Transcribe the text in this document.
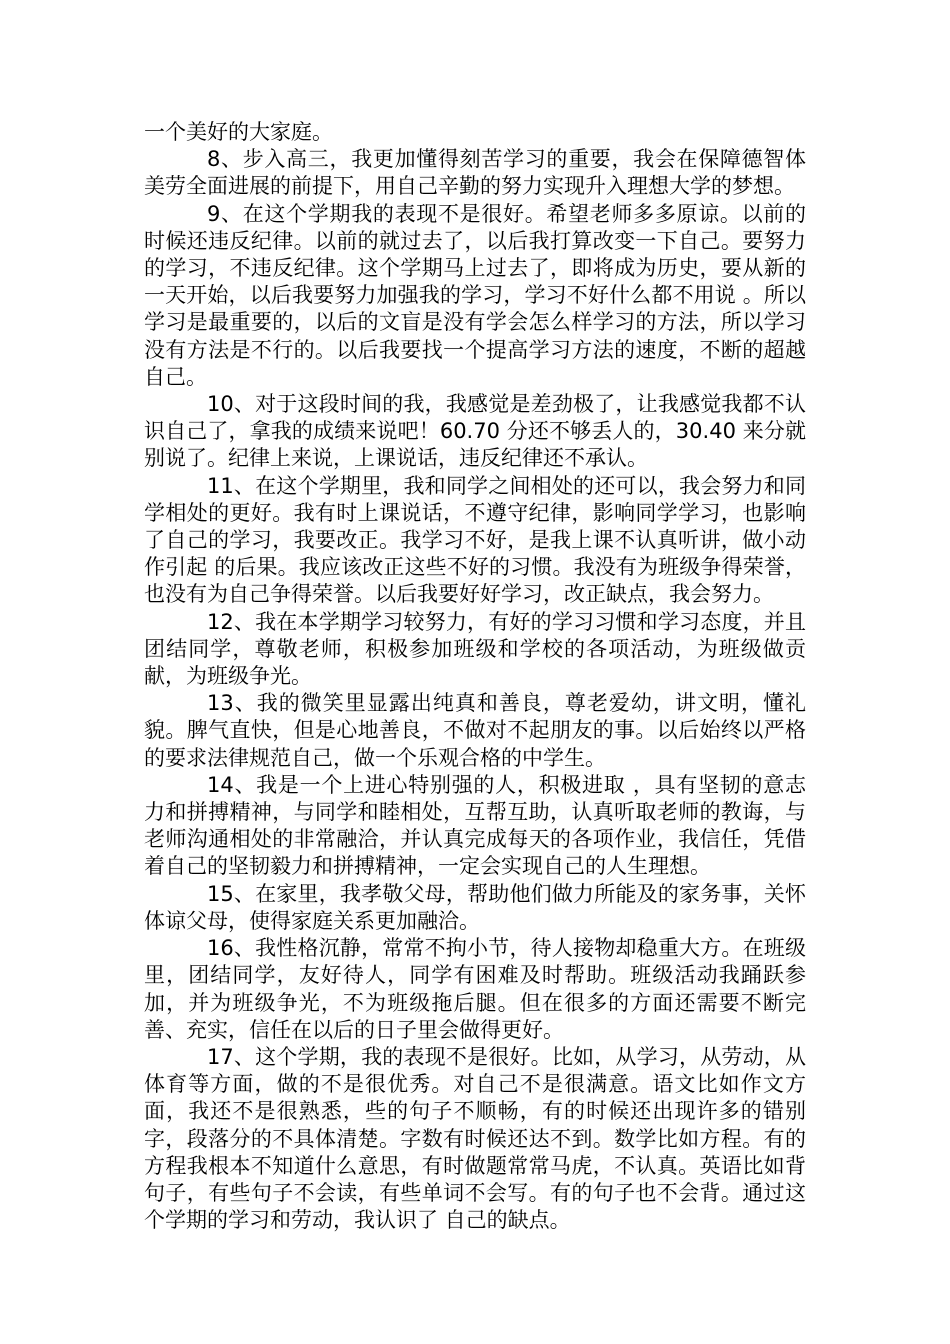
一个美好的大家庭。

8、步入高三，我更加懂得刻苦学习的重要，我会在保障德智体美劳全面进展的前提下，用自己辛勤的努力实现升入理想大学的梦想。

9、在这个学期我的表现不是很好。希望老师多多原谅。以前的时候还违反纪律。以前的就过去了，以后我打算改变一下自己。要努力的学习，不违反纪律。这个学期马上过去了，即将成为历史，要从新的一天开始，以后我要努力加强我的学习，学习不好什么都不用说 。所以学习是最重要的，以后的文盲是没有学会怎么样学习的方法，所以学习没有方法是不行的。以后我要找一个提高学习方法的速度，不断的超越自己。

10、对于这段时间的我，我感觉是差劲极了，让我感觉我都不认识自己了，拿我的成绩来说吧！60.70 分还不够丢人的，30.40 来分就别说了。纪律上来说，上课说话，违反纪律还不承认。

11、在这个学期里，我和同学之间相处的还可以，我会努力和同学相处的更好。我有时上课说话，不遵守纪律，影响同学学习，也影响了自己的学习，我要改正。我学习不好，是我上课不认真听讲，做小动作引起 的后果。我应该改正这些不好的习惯。我没有为班级争得荣誉，也没有为自己争得荣誉。以后我要好好学习，改正缺点，我会努力。

12、我在本学期学习较努力，有好的学习习惯和学习态度，并且团结同学，尊敬老师，积极参加班级和学校的各项活动，为班级做贡献，为班级争光。

13、我的微笑里显露出纯真和善良，尊老爱幼，讲文明，懂礼貌。脾气直快，但是心地善良，不做对不起朋友的事。以后始终以严格的要求法律规范自己，做一个乐观合格的中学生。

14、我是一个上进心特别强的人，积极进取 ，具有坚韧的意志力和拼搏精神，与同学和睦相处，互帮互助，认真听取老师的教诲，与老师沟通相处的非常融洽，并认真完成每天的各项作业，我信任，凭借着自己的坚韧毅力和拼搏精神，一定会实现自己的人生理想。

15、在家里，我孝敬父母，帮助他们做力所能及的家务事，关怀体谅父母，使得家庭关系更加融洽。

16、我性格沉静，常常不拘小节，待人接物却稳重大方。在班级里，团结同学，友好待人，同学有困难及时帮助。班级活动我踊跃参加，并为班级争光，不为班级拖后腿。但在很多的方面还需要不断完善、充实，信任在以后的日子里会做得更好。

17、这个学期，我的表现不是很好。比如，从学习，从劳动，从体育等方面，做的不是很优秀。对自己不是很满意。语文比如作文方面，我还不是很熟悉，些的句子不顺畅，有的时候还出现许多的错别字，段落分的不具体清楚。字数有时候还达不到。数学比如方程。有的方程我根本不知道什么意思，有时做题常常马虎，不认真。英语比如背句子，有些句子不会读，有些单词不会写。有的句子也不会背。通过这个学期的学习和劳动，我认识了 自己的缺点。
